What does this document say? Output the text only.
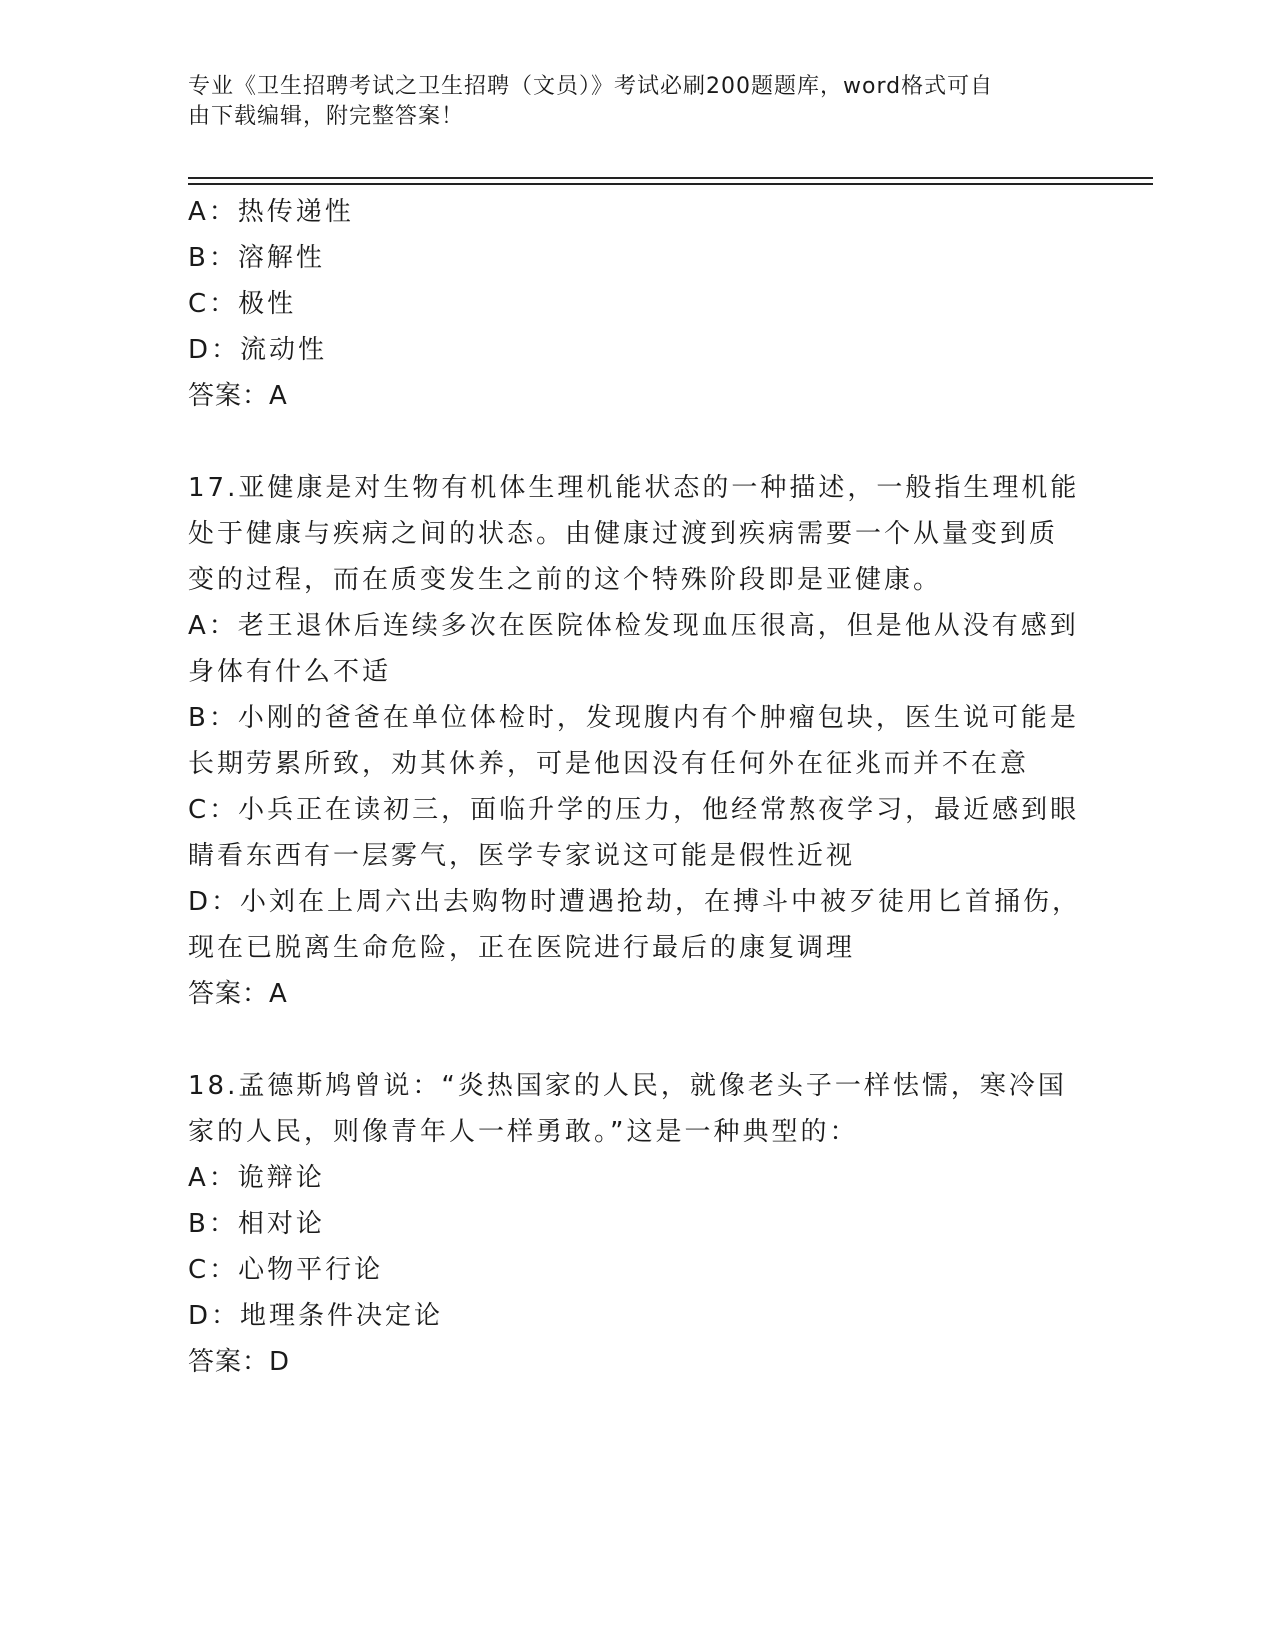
专业《卫生招聘考试之卫生招聘（文员）》考试必刷200题题库，word格式可自
由下载编辑，附完整答案！
A：热传递性
B：溶解性
C：极性
D：流动性
答案：A
17.亚健康是对生物有机体生理机能状态的一种描述，一般指生理机能
处于健康与疾病之间的状态。由健康过渡到疾病需要一个从量变到质
变的过程，而在质变发生之前的这个特殊阶段即是亚健康。
A：老王退休后连续多次在医院体检发现血压很高，但是他从没有感到
身体有什么不适
B：小刚的爸爸在单位体检时，发现腹内有个肿瘤包块，医生说可能是
长期劳累所致，劝其休养，可是他因没有任何外在征兆而并不在意
C：小兵正在读初三，面临升学的压力，他经常熬夜学习，最近感到眼
睛看东西有一层雾气，医学专家说这可能是假性近视
D：小刘在上周六出去购物时遭遇抢劫，在搏斗中被歹徒用匕首捅伤，
现在已脱离生命危险，正在医院进行最后的康复调理
答案：A
18.孟德斯鸠曾说：“炎热国家的人民，就像老头子一样怯懦，寒冷国
家的人民，则像青年人一样勇敢。”这是一种典型的：
A：诡辩论
B：相对论
C：心物平行论
D：地理条件决定论
答案：D
